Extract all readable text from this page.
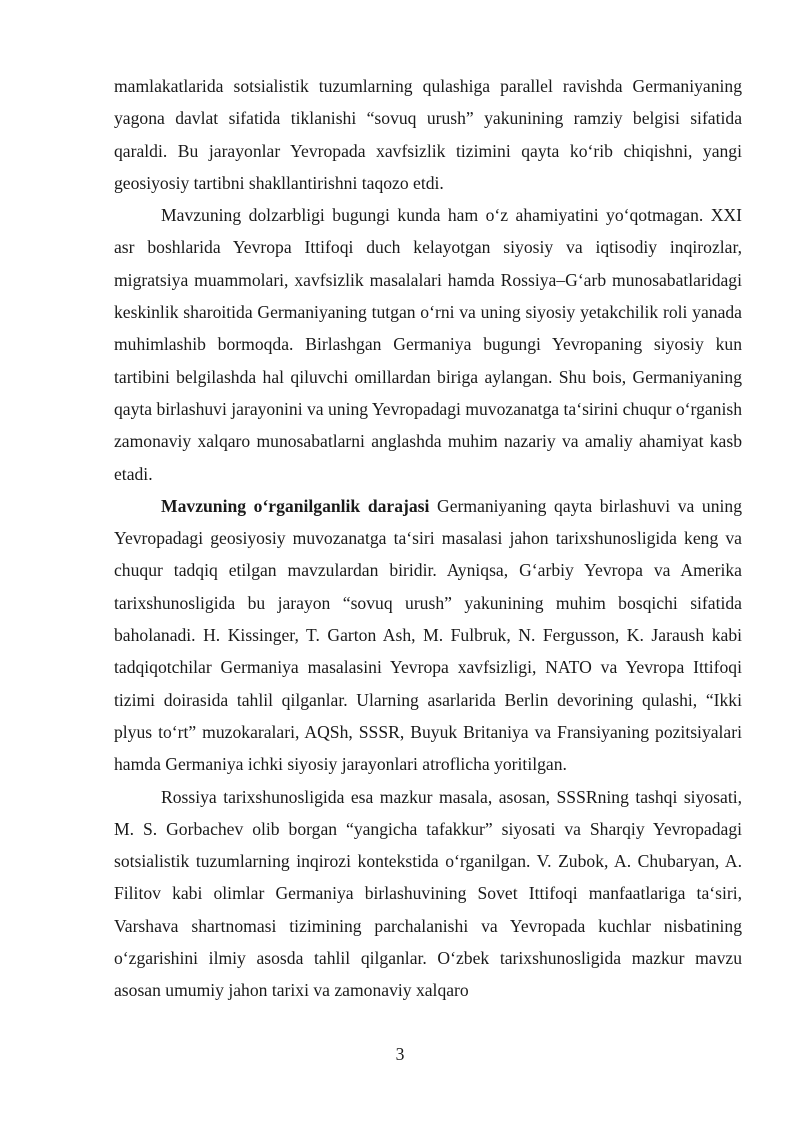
mamlakatlarida sotsialistik tuzumlarning qulashiga parallel ravishda Germaniyaning yagona davlat sifatida tiklanishi “sovuq urush” yakunining ramziy belgisi sifatida qaraldi. Bu jarayonlar Yevropada xavfsizlik tizimini qayta ko‘rib chiqishni, yangi geosiyosiy tartibni shakllantirishni taqozo etdi.

Mavzuning dolzarbligi bugungi kunda ham o‘z ahamiyatini yo‘qotmagan. XXI asr boshlarida Yevropa Ittifoqi duch kelayotgan siyosiy va iqtisodiy inqirozlar, migratsiya muammolari, xavfsizlik masalalari hamda Rossiya–G‘arb munosabatlaridagi keskinlik sharoitida Germaniyaning tutgan o‘rni va uning siyosiy yetakchilik roli yanada muhimlashib bormoqda. Birlashgan Germaniya bugungi Yevropaning siyosiy kun tartibini belgilashda hal qiluvchi omillardan biriga aylangan. Shu bois, Germaniyaning qayta birlashuvi jarayonini va uning Yevropadagi muvozanatga ta‘sirini chuqur o‘rganish zamonaviy xalqaro munosabatlarni anglashda muhim nazariy va amaliy ahamiyat kasb etadi.

Mavzuning o‘rganilganlik darajasi Germaniyaning qayta birlashuvi va uning Yevropadagi geosiyosiy muvozanatga ta‘siri masalasi jahon tarixshunosligida keng va chuqur tadqiq etilgan mavzulardan biridir. Ayniqsa, G‘arbiy Yevropa va Amerika tarixshunosligida bu jarayon “sovuq urush” yakunining muhim bosqichi sifatida baholanadi. H. Kissinger, T. Garton Ash, M. Fulbruk, N. Fergusson, K. Jaraush kabi tadqiqotchilar Germaniya masalasini Yevropa xavfsizligi, NATO va Yevropa Ittifoqi tizimi doirasida tahlil qilganlar. Ularning asarlarida Berlin devorining qulashi, “Ikki plyus to‘rt” muzokaralari, AQSh, SSSR, Buyuk Britaniya va Fransiyaning pozitsiyalari hamda Germaniya ichki siyosiy jarayonlari atroflicha yoritilgan.

Rossiya tarixshunosligida esa mazkur masala, asosan, SSSRning tashqi siyosati, M. S. Gorbachev olib borgan “yangicha tafakkur” siyosati va Sharqiy Yevropadagi sotsialistik tuzumlarning inqirozi kontekstida o‘rganilgan. V. Zubok, A. Chubaryan, A. Filitov kabi olimlar Germaniya birlashuvining Sovet Ittifoqi manfaatlariga ta‘siri, Varshava shartnomasi tizimining parchalanishi va Yevropada kuchlar nisbatining o‘zgarishini ilmiy asosda tahlil qilganlar. O‘zbek tarixshunosligida mazkur mavzu asosan umumiy jahon tarixi va zamonaviy xalqaro

3
